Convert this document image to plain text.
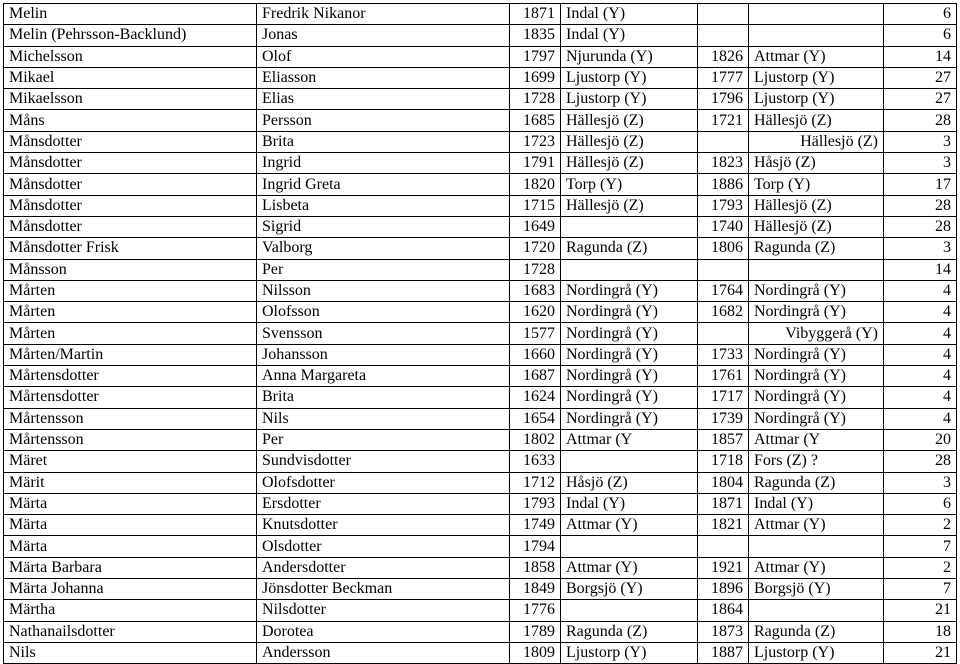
Melin	Fredrik Nikanor	1871	Indal (Y)			6
Melin (Pehrsson-Backlund)	Jonas	1835	Indal (Y)			6
Michelsson	Olof	1797	Njurunda (Y)	1826	Attmar (Y)	14
Mikael	Eliasson	1699	Ljustorp (Y)	1777	Ljustorp (Y)	27
Mikaelsson	Elias	1728	Ljustorp (Y)	1796	Ljustorp (Y)	27
Måns	Persson	1685	Hällesjö (Z)	1721	Hällesjö (Z)	28
Månsdotter	Brita	1723	Hällesjö (Z)		Hällesjö (Z)	3
Månsdotter	Ingrid	1791	Hällesjö (Z)	1823	Håsjö (Z)	3
Månsdotter	Ingrid Greta	1820	Torp (Y)	1886	Torp (Y)	17
Månsdotter	Lisbeta	1715	Hällesjö (Z)	1793	Hällesjö (Z)	28
Månsdotter	Sigrid	1649		1740	Hällesjö (Z)	28
Månsdotter Frisk	Valborg	1720	Ragunda (Z)	1806	Ragunda (Z)	3
Månsson	Per	1728				14
Mårten	Nilsson	1683	Nordingrå (Y)	1764	Nordingrå (Y)	4
Mårten	Olofsson	1620	Nordingrå (Y)	1682	Nordingrå (Y)	4
Mårten	Svensson	1577	Nordingrå (Y)		Vibyggerå (Y)	4
Mårten/Martin	Johansson	1660	Nordingrå (Y)	1733	Nordingrå (Y)	4
Mårtensdotter	Anna Margareta	1687	Nordingrå (Y)	1761	Nordingrå (Y)	4
Mårtensdotter	Brita	1624	Nordingrå (Y)	1717	Nordingrå (Y)	4
Mårtensson	Nils	1654	Nordingrå (Y)	1739	Nordingrå (Y)	4
Mårtensson	Per	1802	Attmar (Y	1857	Attmar (Y	20
Märet	Sundvisdotter	1633		1718	Fors (Z) ?	28
Märit	Olofsdotter	1712	Håsjö (Z)	1804	Ragunda (Z)	3
Märta	Ersdotter	1793	Indal (Y)	1871	Indal (Y)	6
Märta	Knutsdotter	1749	Attmar (Y)	1821	Attmar (Y)	2
Märta	Olsdotter	1794				7
Märta Barbara	Andersdotter	1858	Attmar (Y)	1921	Attmar (Y)	2
Märta Johanna	Jönsdotter Beckman	1849	Borgsjö (Y)	1896	Borgsjö (Y)	7
Märtha	Nilsdotter	1776		1864		21
Nathanailsdotter	Dorotea	1789	Ragunda (Z)	1873	Ragunda (Z)	18
Nils	Andersson	1809	Ljustorp (Y)	1887	Ljustorp (Y)	21
